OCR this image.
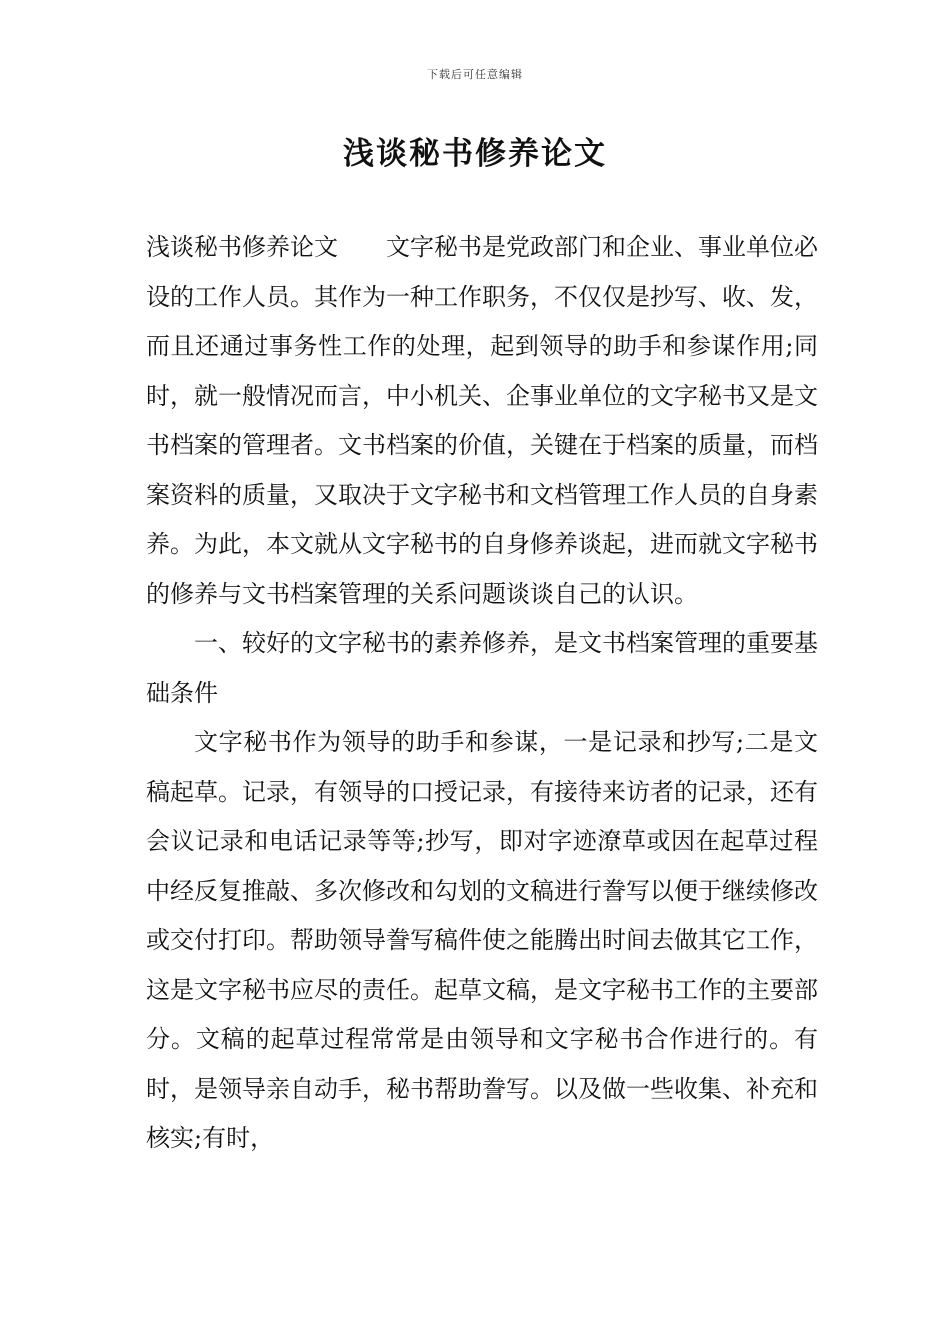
下载后可任意编辑
浅谈秘书修养论文

浅谈秘书修养论文　　文字秘书是党政部门和企业、事业单位必设的工作人员。其作为一种工作职务，不仅仅是抄写、收、发，而且还通过事务性工作的处理，起到领导的助手和参谋作用;同时，就一般情况而言，中小机关、企事业单位的文字秘书又是文书档案的管理者。文书档案的价值，关键在于档案的质量，而档案资料的质量，又取决于文字秘书和文档管理工作人员的自身素养。为此，本文就从文字秘书的自身修养谈起，进而就文字秘书的修养与文书档案管理的关系问题谈谈自己的认识。

一、较好的文字秘书的素养修养，是文书档案管理的重要基础条件

文字秘书作为领导的助手和参谋，一是记录和抄写;二是文稿起草。记录，有领导的口授记录，有接待来访者的记录，还有会议记录和电话记录等等;抄写，即对字迹潦草或因在起草过程中经反复推敲、多次修改和勾划的文稿进行誊写以便于继续修改或交付打印。帮助领导誊写稿件使之能腾出时间去做其它工作，这是文字秘书应尽的责任。起草文稿，是文字秘书工作的主要部分。文稿的起草过程常常是由领导和文字秘书合作进行的。有时，是领导亲自动手，秘书帮助誊写。以及做一些收集、补充和核实;有时，
